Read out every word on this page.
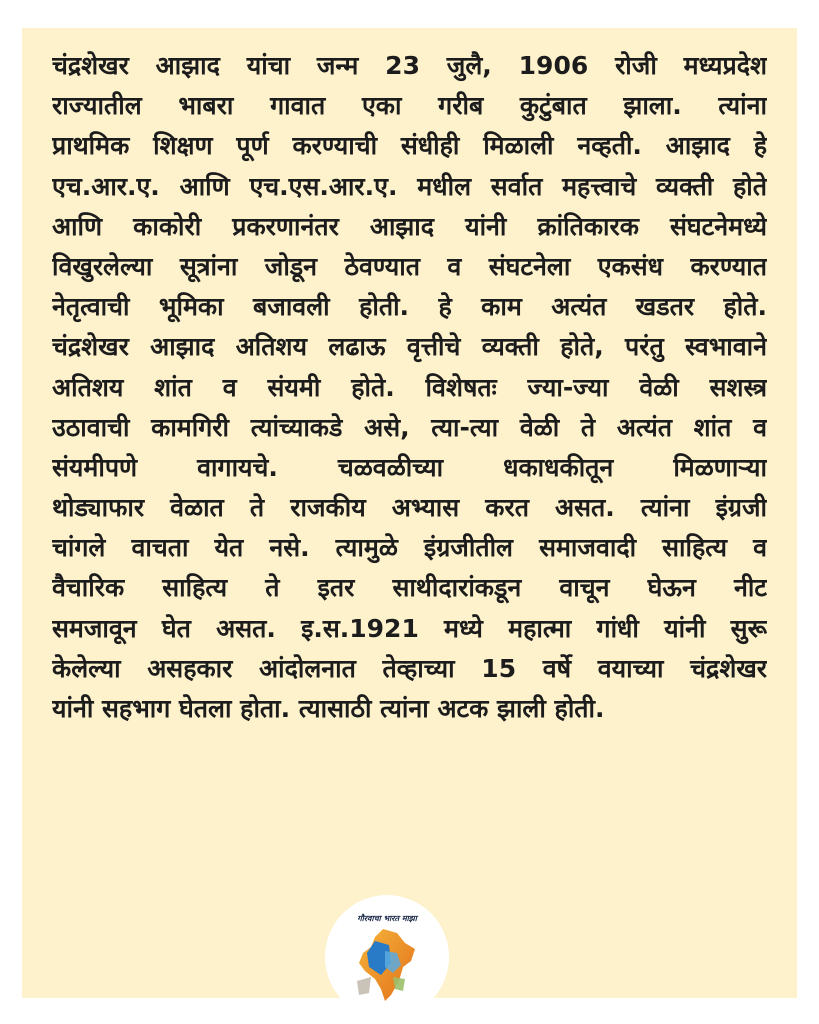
चंद्रशेखर आझाद यांचा जन्म 23 जुलै, 1906 रोजी मध्यप्रदेश
राज्यातील भाबरा गावात एका गरीब कुटुंबात झाला. त्यांना
प्राथमिक शिक्षण पूर्ण करण्याची संधीही मिळाली नव्हती. आझाद हे
एच.आर.ए. आणि एच.एस.आर.ए. मधील सर्वात महत्त्वाचे व्यक्ती होते
आणि काकोरी प्रकरणानंतर आझाद यांनी क्रांतिकारक संघटनेमध्ये
विखुरलेल्या सूत्रांना जोडून ठेवण्यात व संघटनेला एकसंध करण्यात
नेतृत्वाची भूमिका बजावली होती. हे काम अत्यंत खडतर होते.
चंद्रशेखर आझाद अतिशय लढाऊ वृत्तीचे व्यक्ती होते, परंतु स्वभावाने
अतिशय शांत व संयमी होते. विशेषतः ज्या-ज्या वेळी सशस्त्र
उठावाची कामगिरी त्यांच्याकडे असे, त्या-त्या वेळी ते अत्यंत शांत व
संयमीपणे वागायचे. चळवळीच्या धकाधकीतून मिळणाऱ्या
थोड्याफार वेळात ते राजकीय अभ्यास करत असत. त्यांना इंग्रजी
चांगले वाचता येत नसे. त्यामुळे इंग्रजीतील समाजवादी साहित्य व
वैचारिक साहित्य ते इतर साथीदारांकडून वाचून घेऊन नीट
समजावून घेत असत. इ.स.1921 मध्ये महात्मा गांधी यांनी सुरू
केलेल्या असहकार आंदोलनात तेव्हाच्या 15 वर्षे वयाच्या चंद्रशेखर
यांनी सहभाग घेतला होता. त्यासाठी त्यांना अटक झाली होती.
गौरवाचा भारत माझा
